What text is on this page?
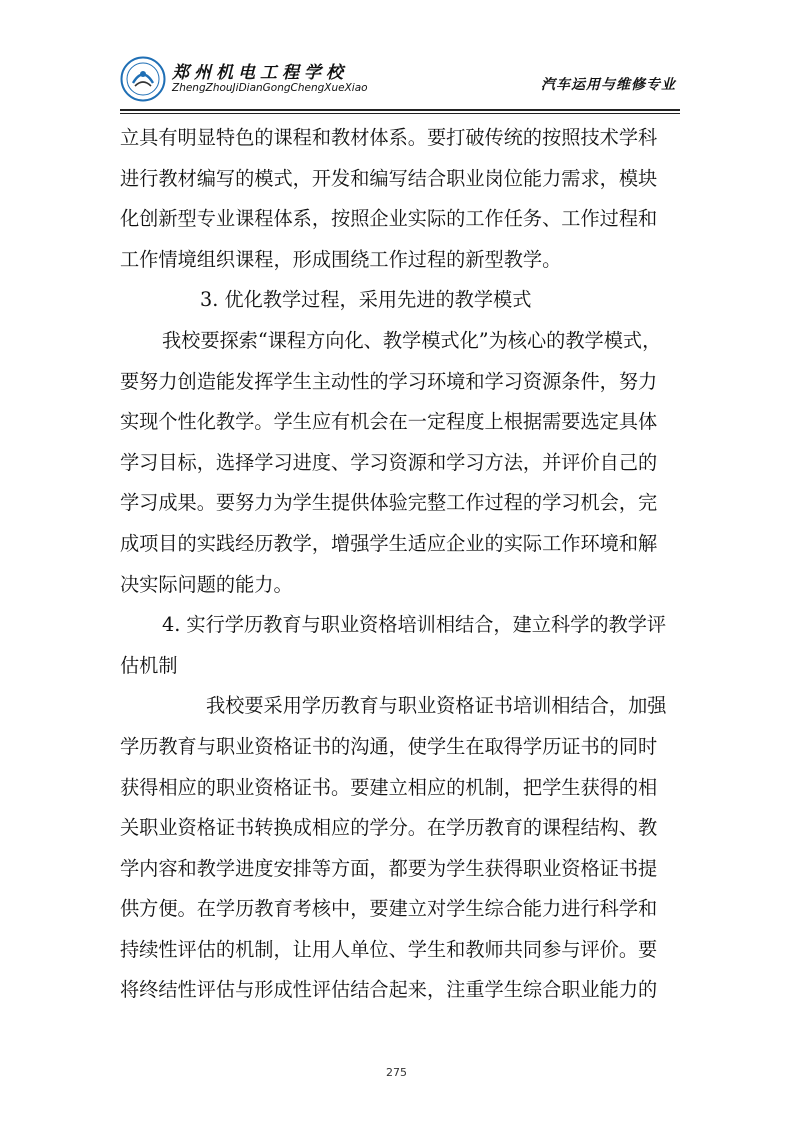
郑州机电工程学校
ZhengZhouJiDianGongChengXueXiao	汽车运用与维修专业
立具有明显特色的课程和教材体系。要打破传统的按照技术学科
进行教材编写的模式，开发和编写结合职业岗位能力需求，模块
化创新型专业课程体系，按照企业实际的工作任务、工作过程和
工作情境组织课程，形成围绕工作过程的新型教学。
3. 优化教学过程，采用先进的教学模式
我校要探索“课程方向化、教学模式化”为核心的教学模式，
要努力创造能发挥学生主动性的学习环境和学习资源条件，努力
实现个性化教学。学生应有机会在一定程度上根据需要选定具体
学习目标，选择学习进度、学习资源和学习方法，并评价自己的
学习成果。要努力为学生提供体验完整工作过程的学习机会，完
成项目的实践经历教学，增强学生适应企业的实际工作环境和解
决实际问题的能力。
4. 实行学历教育与职业资格培训相结合，建立科学的教学评
估机制
我校要采用学历教育与职业资格证书培训相结合，加强
学历教育与职业资格证书的沟通，使学生在取得学历证书的同时
获得相应的职业资格证书。要建立相应的机制，把学生获得的相
关职业资格证书转换成相应的学分。在学历教育的课程结构、教
学内容和教学进度安排等方面，都要为学生获得职业资格证书提
供方便。在学历教育考核中，要建立对学生综合能力进行科学和
持续性评估的机制，让用人单位、学生和教师共同参与评价。要
将终结性评估与形成性评估结合起来，注重学生综合职业能力的
275
